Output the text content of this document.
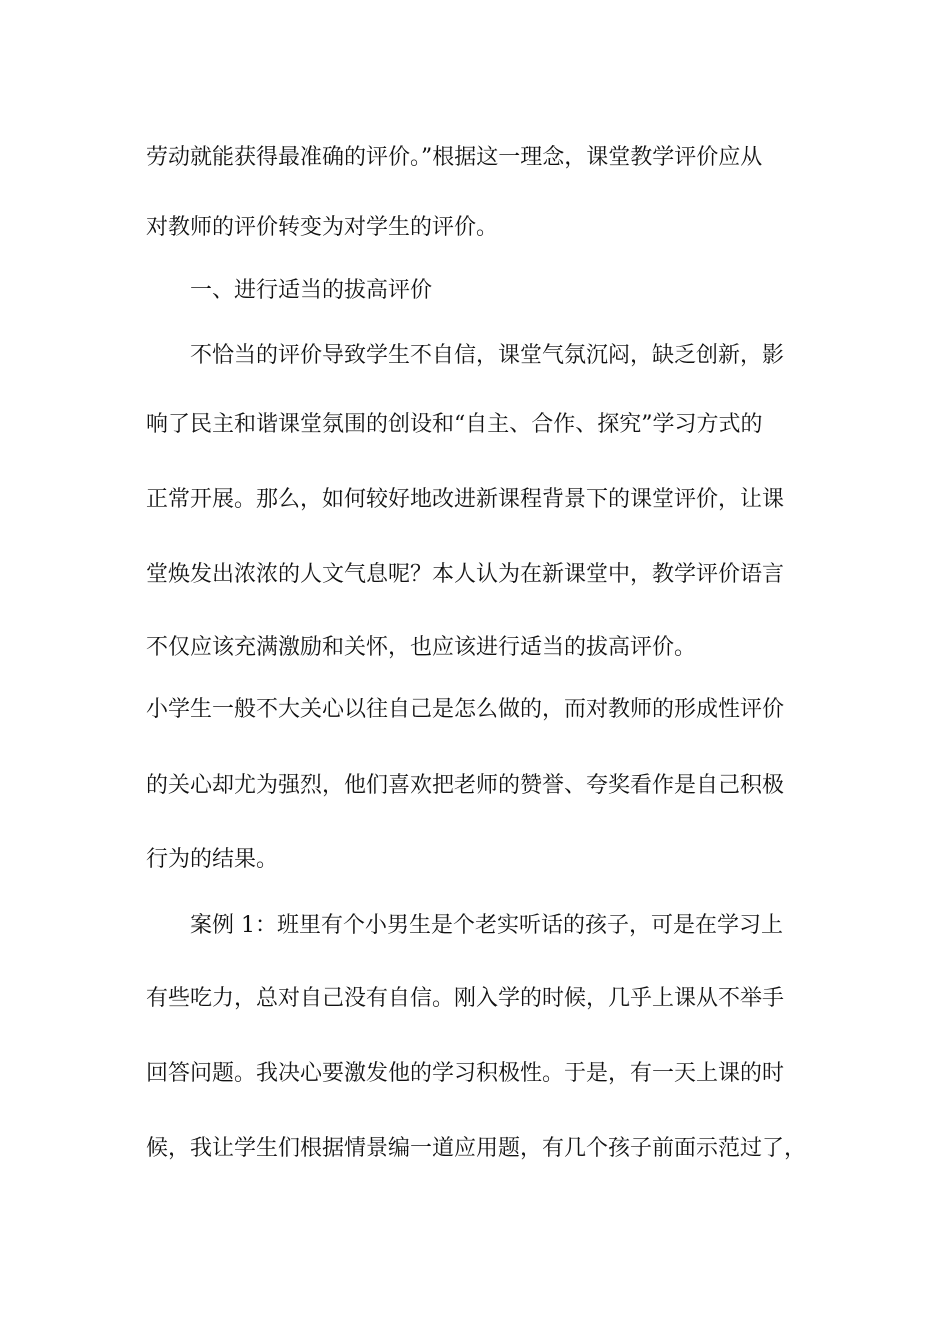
劳动就能获得最准确的评价。”根据这一理念，课堂教学评价应从
对教师的评价转变为对学生的评价。
一、进行适当的拔高评价
不恰当的评价导致学生不自信，课堂气氛沉闷，缺乏创新，影
响了民主和谐课堂氛围的创设和“自主、合作、探究”学习方式的
正常开展。那么，如何较好地改进新课程背景下的课堂评价，让课
堂焕发出浓浓的人文气息呢？本人认为在新课堂中，教学评价语言
不仅应该充满激励和关怀，也应该进行适当的拔高评价。
小学生一般不大关心以往自己是怎么做的，而对教师的形成性评价
的关心却尤为强烈，他们喜欢把老师的赞誉、夸奖看作是自己积极
行为的结果。
案例 1：班里有个小男生是个老实听话的孩子，可是在学习上
有些吃力，总对自己没有自信。刚入学的时候，几乎上课从不举手
回答问题。我决心要激发他的学习积极性。于是，有一天上课的时
候，我让学生们根据情景编一道应用题，有几个孩子前面示范过了，
